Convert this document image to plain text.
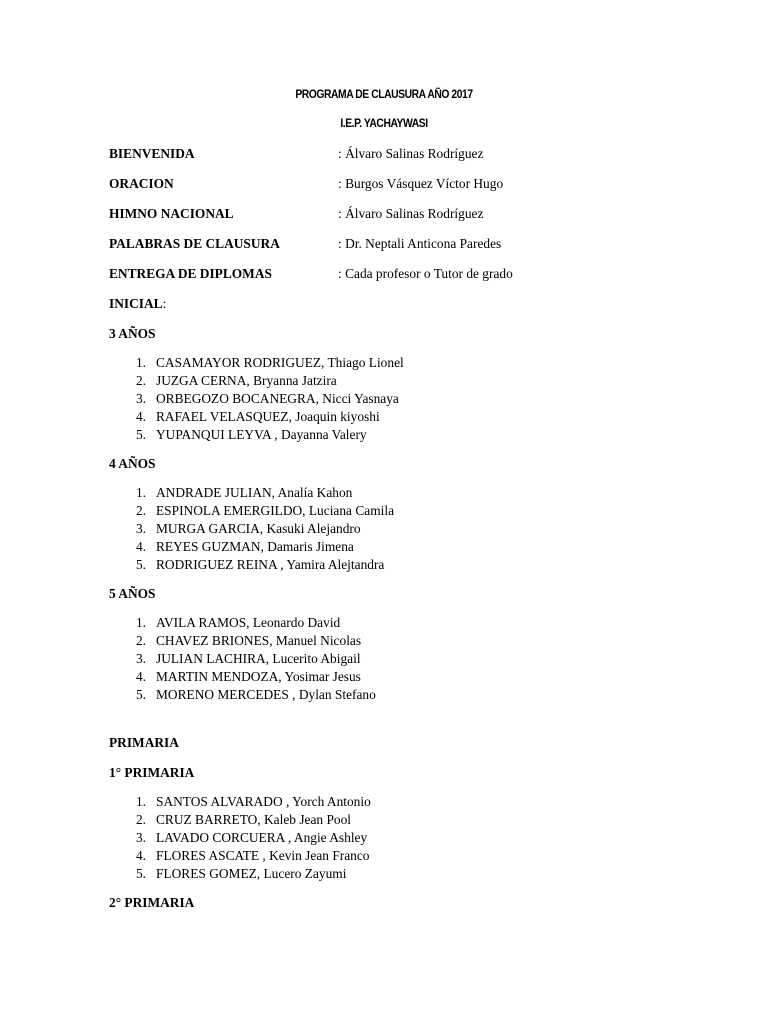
PROGRAMA DE CLAUSURA AÑO 2017
I.E.P. YACHAYWASI
BIENVENIDA	: Álvaro Salinas Rodríguez
ORACION	: Burgos Vásquez Víctor Hugo
HIMNO NACIONAL	: Álvaro Salinas Rodríguez
PALABRAS DE CLAUSURA	: Dr. Neptali Anticona Paredes
ENTREGA DE DIPLOMAS	: Cada profesor o Tutor de grado
INICIAL:
3 AÑOS
1. CASAMAYOR RODRIGUEZ, Thiago Lionel
2. JUZGA CERNA, Bryanna Jatzira
3. ORBEGOZO BOCANEGRA, Nicci Yasnaya
4. RAFAEL VELASQUEZ, Joaquin kiyoshi
5. YUPANQUI LEYVA , Dayanna Valery
4 AÑOS
1. ANDRADE JULIAN, Analía Kahon
2. ESPINOLA EMERGILDO, Luciana Camila
3. MURGA GARCIA, Kasuki Alejandro
4. REYES GUZMAN, Damaris Jimena
5. RODRIGUEZ REINA , Yamira Alejtandra
5 AÑOS
1. AVILA RAMOS, Leonardo David
2. CHAVEZ BRIONES, Manuel Nicolas
3. JULIAN LACHIRA, Lucerito Abigail
4. MARTIN MENDOZA, Yosimar Jesus
5. MORENO MERCEDES , Dylan Stefano
PRIMARIA
1° PRIMARIA
1. SANTOS ALVARADO , Yorch Antonio
2. CRUZ BARRETO, Kaleb Jean Pool
3. LAVADO CORCUERA , Angie Ashley
4. FLORES ASCATE , Kevin Jean Franco
5. FLORES GOMEZ, Lucero Zayumi
2° PRIMARIA
